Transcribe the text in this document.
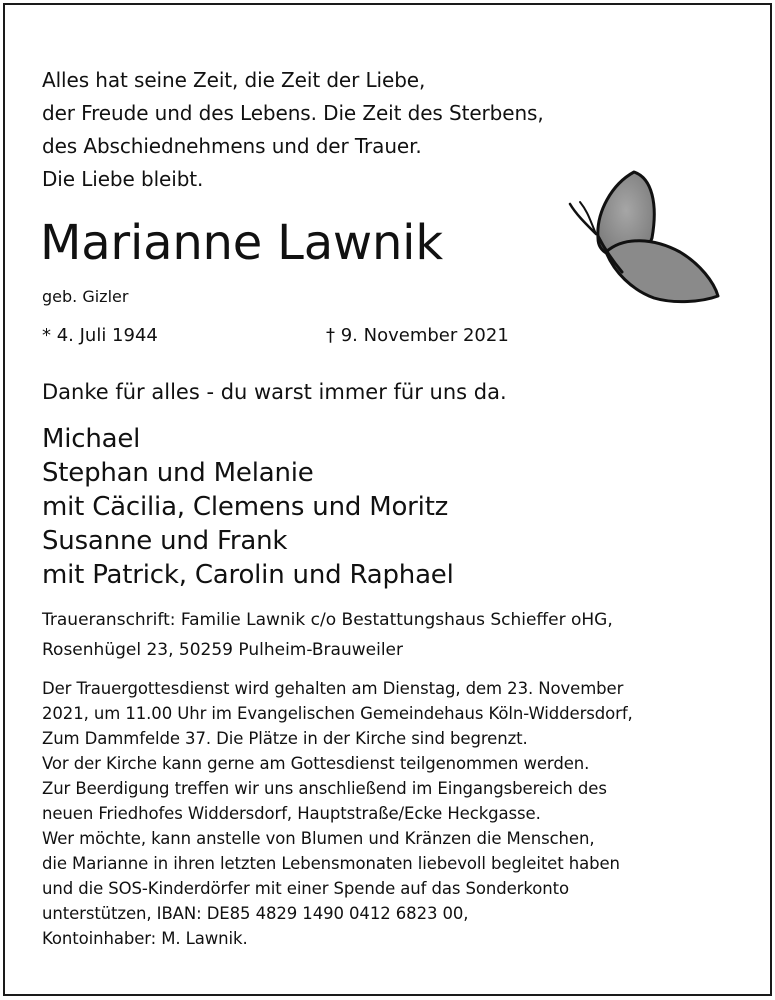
Alles hat seine Zeit, die Zeit der Liebe,
der Freude und des Lebens. Die Zeit des Sterbens,
des Abschiednehmens und der Trauer.
Die Liebe bleibt.
Marianne Lawnik
geb. Gizler
* 4. Juli 1944	† 9. November 2021
Danke für alles - du warst immer für uns da.
Michael
Stephan und Melanie
mit Cäcilia, Clemens und Moritz
Susanne und Frank
mit Patrick, Carolin und Raphael
Traueranschrift: Familie Lawnik c/o Bestattungshaus Schieffer oHG,
Rosenhügel 23, 50259 Pulheim-Brauweiler
Der Trauergottesdienst wird gehalten am Dienstag, dem 23. November
2021, um 11.00 Uhr im Evangelischen Gemeindehaus Köln-Widdersdorf,
Zum Dammfelde 37. Die Plätze in der Kirche sind begrenzt.
Vor der Kirche kann gerne am Gottesdienst teilgenommen werden.
Zur Beerdigung treffen wir uns anschließend im Eingangsbereich des
neuen Friedhofes Widdersdorf, Hauptstraße/Ecke Heckgasse.
Wer möchte, kann anstelle von Blumen und Kränzen die Menschen,
die Marianne in ihren letzten Lebensmonaten liebevoll begleitet haben
und die SOS-Kinderdörfer mit einer Spende auf das Sonderkonto
unterstützen, IBAN: DE85 4829 1490 0412 6823 00,
Kontoinhaber: M. Lawnik.
